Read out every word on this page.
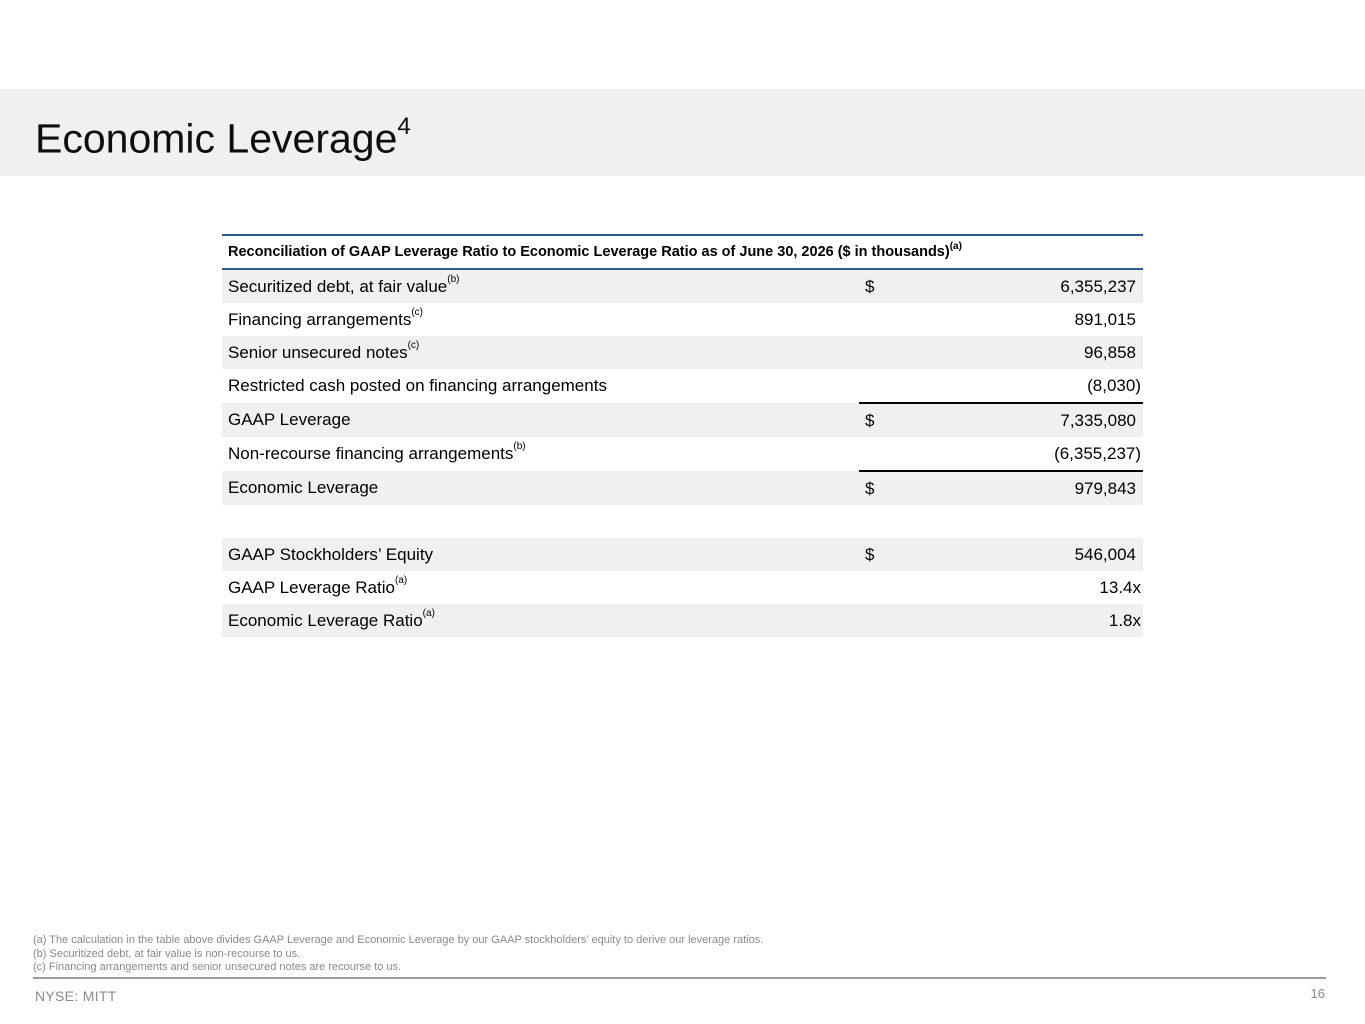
Economic Leverage$^4$
Reconciliation of GAAP Leverage Ratio to Economic Leverage Ratio as of June 30, 2026 ($ in thousands)$^{(a)}$
Securitized debt, at fair value$^{(b)}$	$	6,355,237
Financing arrangements$^{(c)}$		891,015
Senior unsecured notes$^{(c)}$		96,858
Restricted cash posted on financing arrangements		(8,030)
GAAP Leverage	$	7,335,080
Non-recourse financing arrangements$^{(b)}$		(6,355,237)
Economic Leverage	$	979,843

GAAP Stockholders’ Equity	$	546,004
GAAP Leverage Ratio$^{(a)}$		13.4x
Economic Leverage Ratio$^{(a)}$		1.8x
(a) The calculation in the table above divides GAAP Leverage and Economic Leverage by our GAAP stockholders’ equity to derive our leverage ratios.
(b) Securitized debt, at fair value is non-recourse to us.
(c) Financing arrangements and senior unsecured notes are recourse to us.
NYSE: MITT	16
